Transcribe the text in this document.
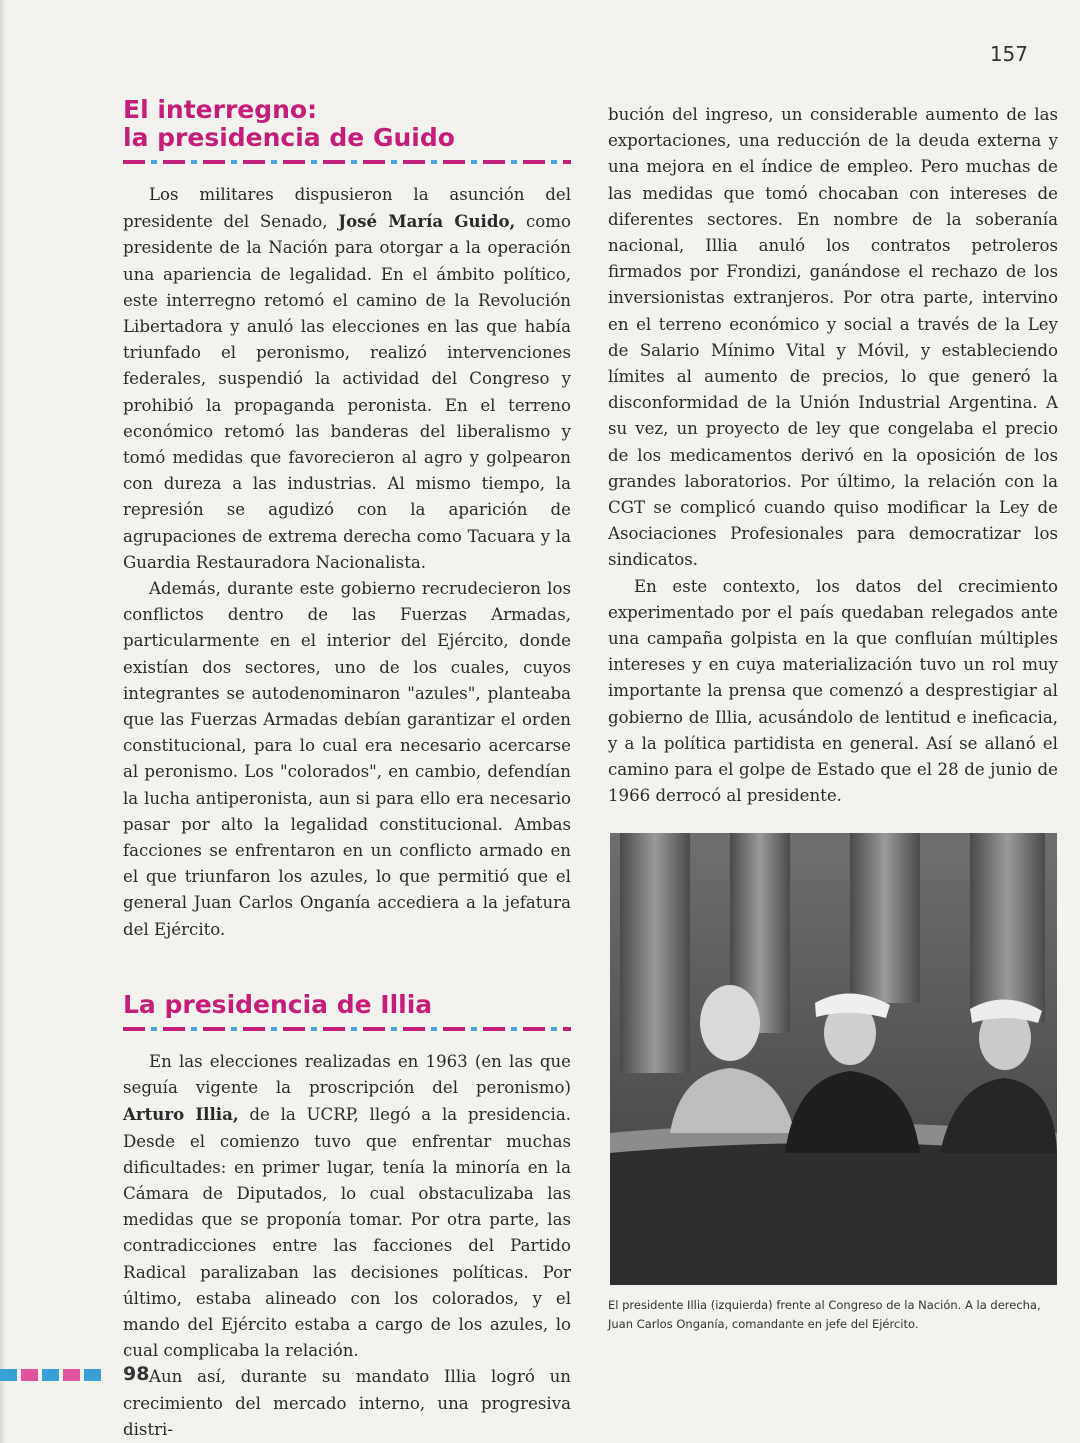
157
El interregno:
la presidencia de Guido

Los militares dispusieron la asunción del presidente del Senado, José María Guido, como presidente de la Nación para otorgar a la operación una apariencia de legalidad. En el ámbito político, este interregno retomó el camino de la Revolución Libertadora y anuló las elecciones en las que había triunfado el peronismo, realizó intervenciones federales, suspendió la actividad del Congreso y prohibió la propaganda peronista. En el terreno económico retomó las banderas del liberalismo y tomó medidas que favorecieron al agro y golpearon con dureza a las industrias. Al mismo tiempo, la represión se agudizó con la aparición de agrupaciones de extrema derecha como Tacuara y la Guardia Restauradora Nacionalista.

Además, durante este gobierno recrudecieron los conflictos dentro de las Fuerzas Armadas, particularmente en el interior del Ejército, donde existían dos sectores, uno de los cuales, cuyos integrantes se autodenominaron "azules", planteaba que las Fuerzas Armadas debían garantizar el orden constitucional, para lo cual era necesario acercarse al peronismo. Los "colorados", en cambio, defendían la lucha antiperonista, aun si para ello era necesario pasar por alto la legalidad constitucional. Ambas facciones se enfrentaron en un conflicto armado en el que triunfaron los azules, lo que permitió que el general Juan Carlos Onganía accediera a la jefatura del Ejército.

La presidencia de Illia

En las elecciones realizadas en 1963 (en las que seguía vigente la proscripción del peronismo) Arturo Illia, de la UCRP, llegó a la presidencia. Desde el comienzo tuvo que enfrentar muchas dificultades: en primer lugar, tenía la minoría en la Cámara de Diputados, lo cual obstaculizaba las medidas que se proponía tomar. Por otra parte, las contradicciones entre las facciones del Partido Radical paralizaban las decisiones políticas. Por último, estaba alineado con los colorados, y el mando del Ejército estaba a cargo de los azules, lo cual complicaba la relación.

Aun así, durante su mandato Illia logró un crecimiento del mercado interno, una progresiva distri-

bución del ingreso, un considerable aumento de las exportaciones, una reducción de la deuda externa y una mejora en el índice de empleo. Pero muchas de las medidas que tomó chocaban con intereses de diferentes sectores. En nombre de la soberanía nacional, Illia anuló los contratos petroleros firmados por Frondizi, ganándose el rechazo de los inversionistas extranjeros. Por otra parte, intervino en el terreno económico y social a través de la Ley de Salario Mínimo Vital y Móvil, y estableciendo límites al aumento de precios, lo que generó la disconformidad de la Unión Industrial Argentina. A su vez, un proyecto de ley que congelaba el precio de los medicamentos derivó en la oposición de los grandes laboratorios. Por último, la relación con la CGT se complicó cuando quiso modificar la Ley de Asociaciones Profesionales para democratizar los sindicatos.

En este contexto, los datos del crecimiento experimentado por el país quedaban relegados ante una campaña golpista en la que confluían múltiples intereses y en cuya materialización tuvo un rol muy importante la prensa que comenzó a desprestigiar al gobierno de Illia, acusándolo de lentitud e ineficacia, y a la política partidista en general. Así se allanó el camino para el golpe de Estado que el 28 de junio de 1966 derrocó al presidente.

El presidente Illia (izquierda) frente al Congreso de la Nación. A la derecha, Juan Carlos Onganía, comandante en jefe del Ejército.
98
